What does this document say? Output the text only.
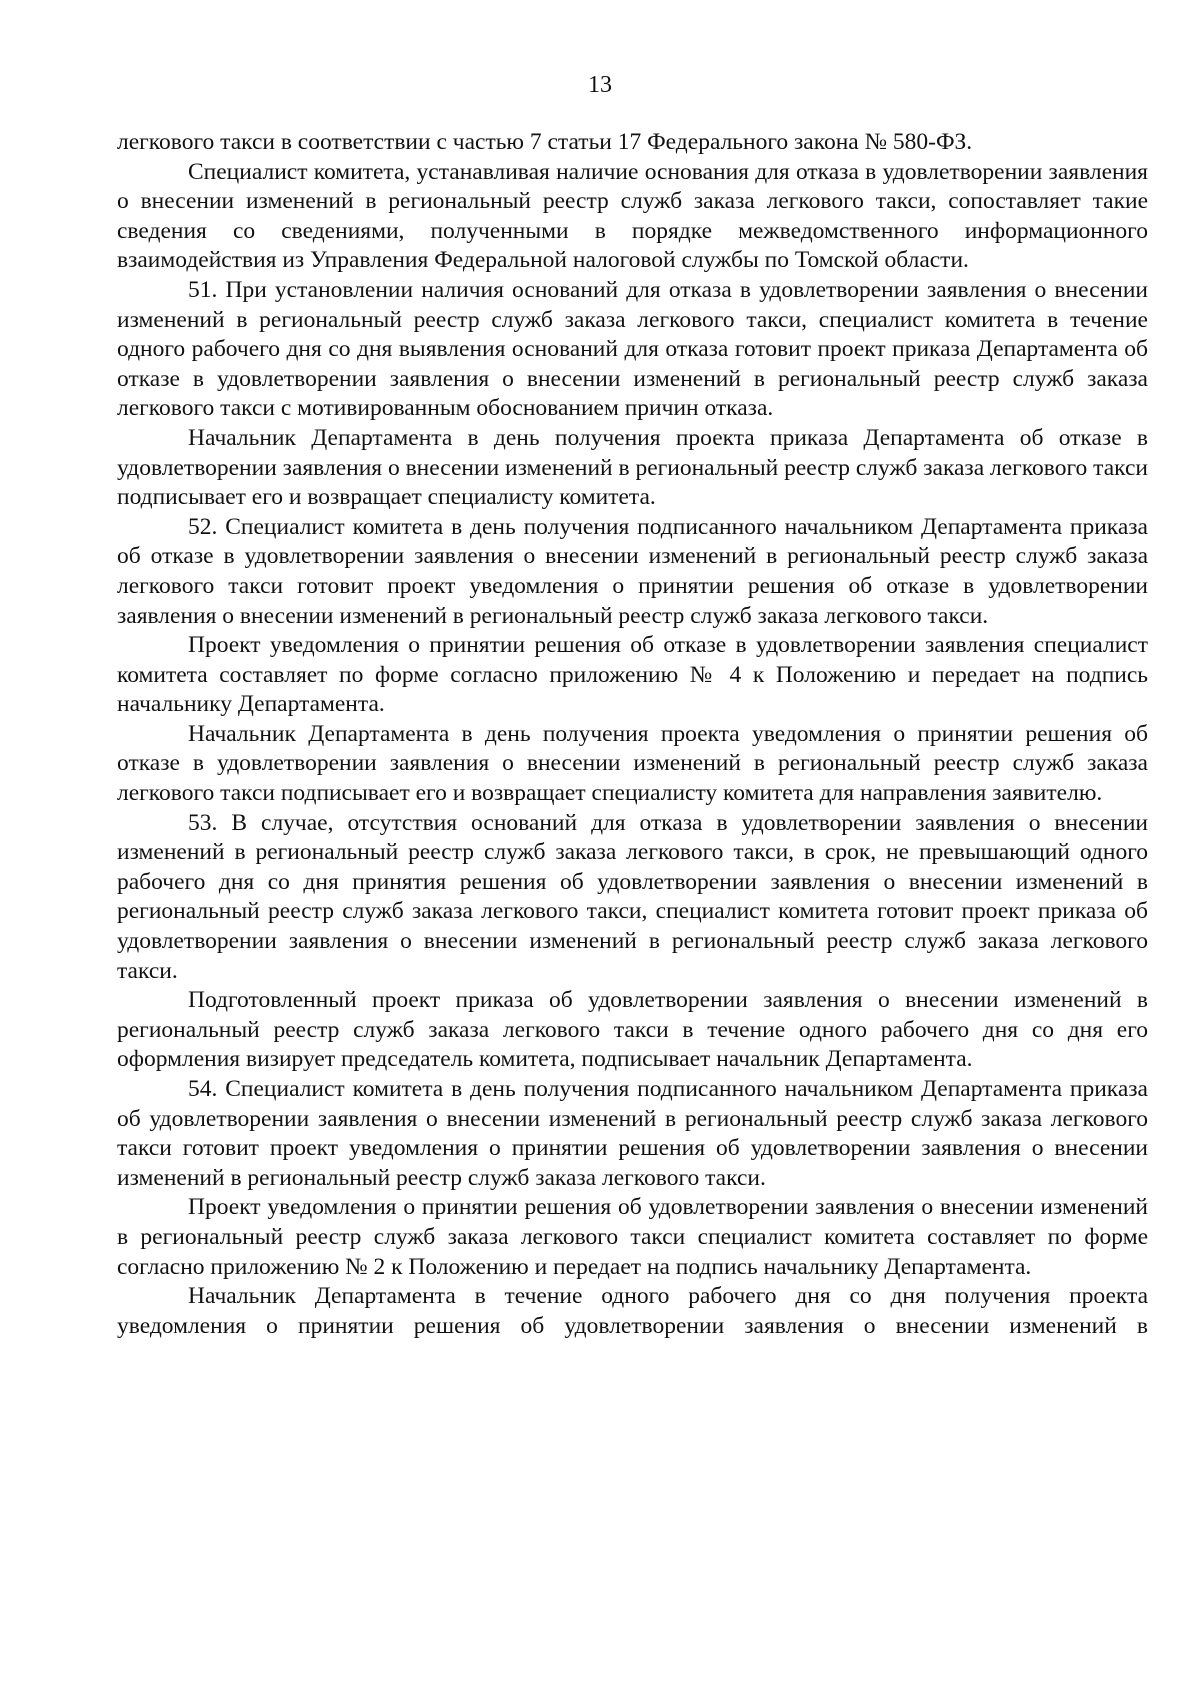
13

легкового такси в соответствии с частью 7 статьи 17 Федерального закона № 580-ФЗ.

Специалист комитета, устанавливая наличие основания для отказа в удовлетворении заявления о внесении изменений в региональный реестр служб заказа легкового такси, сопоставляет такие сведения со сведениями, полученными в порядке межведомственного информационного взаимодействия из Управления Федеральной налоговой службы по Томской области.

51. При установлении наличия оснований для отказа в удовлетворении заявления о внесении изменений в региональный реестр служб заказа легкового такси, специалист комитета в течение одного рабочего дня со дня выявления оснований для отказа готовит проект приказа Департамента об отказе в удовлетворении заявления о внесении изменений в региональный реестр служб заказа легкового такси с мотивированным обоснованием причин отказа.

Начальник Департамента в день получения проекта приказа Департамента об отказе в удовлетворении заявления о внесении изменений в региональный реестр служб заказа легкового такси подписывает его и возвращает специалисту комитета.

52. Специалист комитета в день получения подписанного начальником Департамента приказа об отказе в удовлетворении заявления о внесении изменений в региональный реестр служб заказа легкового такси готовит проект уведомления о принятии решения об отказе в удовлетворении заявления о внесении изменений в региональный реестр служб заказа легкового такси.

Проект уведомления о принятии решения об отказе в удовлетворении заявления специалист комитета составляет по форме согласно приложению № 4 к Положению и передает на подпись начальнику Департамента.

Начальник Департамента в день получения проекта уведомления о принятии решения об отказе в удовлетворении заявления о внесении изменений в региональный реестр служб заказа легкового такси подписывает его и возвращает специалисту комитета для направления заявителю.

53. В случае, отсутствия оснований для отказа в удовлетворении заявления о внесении изменений в региональный реестр служб заказа легкового такси, в срок, не превышающий одного рабочего дня со дня принятия решения об удовлетворении заявления о внесении изменений в региональный реестр служб заказа легкового такси, специалист комитета готовит проект приказа об удовлетворении заявления о внесении изменений в региональный реестр служб заказа легкового такси.

Подготовленный проект приказа об удовлетворении заявления о внесении изменений в региональный реестр служб заказа легкового такси в течение одного рабочего дня со дня его оформления визирует председатель комитета, подписывает начальник Департамента.

54. Специалист комитета в день получения подписанного начальником Департамента приказа об удовлетворении заявления о внесении изменений в региональный реестр служб заказа легкового такси готовит проект уведомления о принятии решения об удовлетворении заявления о внесении изменений в региональный реестр служб заказа легкового такси.

Проект уведомления о принятии решения об удовлетворении заявления о внесении изменений в региональный реестр служб заказа легкового такси специалист комитета составляет по форме согласно приложению № 2 к Положению и передает на подпись начальнику Департамента.

Начальник Департамента в течение одного рабочего дня со дня получения проекта уведомления о принятии решения об удовлетворении заявления о внесении изменений в
